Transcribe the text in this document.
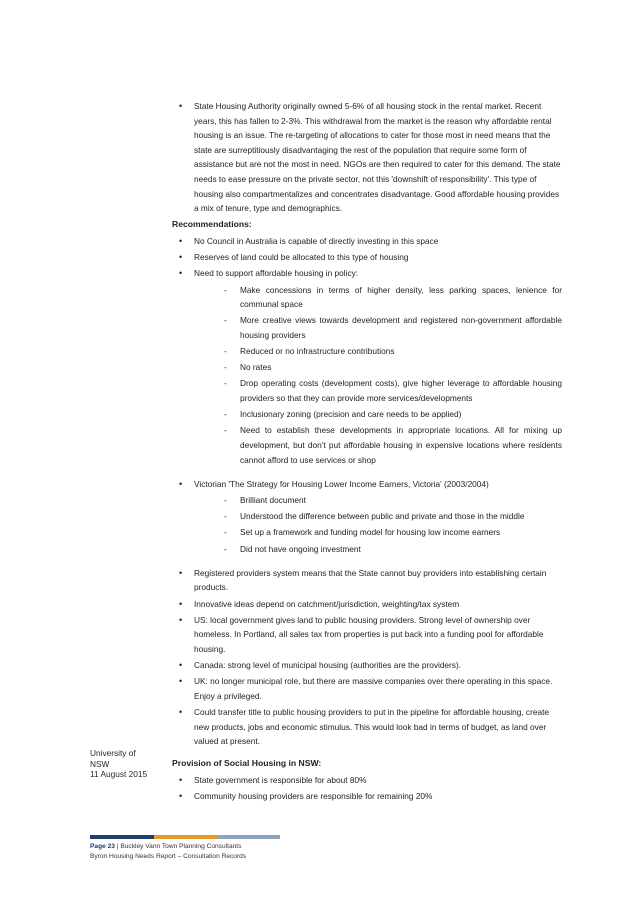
• State Housing Authority originally owned 5-6% of all housing stock in the rental market. Recent years, this has fallen to 2-3%. This withdrawal from the market is the reason why affordable rental housing is an issue. The re-targeting of allocations to cater for those most in need means that the state are surreptitiously disadvantaging the rest of the population that require some form of assistance but are not the most in need. NGOs are then required to cater for this demand. The state needs to ease pressure on the private sector, not this 'downshift of responsibility'. This type of housing also compartmentalizes and concentrates disadvantage. Good affordable housing provides a mix of tenure, type and demographics.
Recommendations:
• No Council in Australia is capable of directly investing in this space
• Reserves of land could be allocated to this type of housing
• Need to support affordable housing in policy:
- Make concessions in terms of higher density, less parking spaces, lenience for communal space
- More creative views towards development and registered non-government affordable housing providers
- Reduced or no infrastructure contributions
- No rates
- Drop operating costs (development costs), give higher leverage to affordable housing providers so that they can provide more services/developments
- Inclusionary zoning (precision and care needs to be applied)
- Need to establish these developments in appropriate locations. All for mixing up development, but don't put affordable housing in expensive locations where residents cannot afford to use services or shop
• Victorian 'The Strategy for Housing Lower Income Earners, Victoria' (2003/2004)
- Brilliant document
- Understood the difference between public and private and those in the middle
- Set up a framework and funding model for housing low income earners
- Did not have ongoing investment
• Registered providers system means that the State cannot buy providers into establishing certain products.
• Innovative ideas depend on catchment/jurisdiction, weighting/tax system
• US: local government gives land to public housing providers. Strong level of ownership over homeless. In Portland, all sales tax from properties is put back into a funding pool for affordable housing.
• Canada: strong level of municipal housing (authorities are the providers).
• UK: no longer municipal role, but there are massive companies over there operating in this space. Enjoy a privileged.
• Could transfer title to public housing providers to put in the pipeline for affordable housing, create new products, jobs and economic stimulus. This would look bad in terms of budget, as land over valued at present.
Provision of Social Housing in NSW:
• State government is responsible for about 80%
• Community housing providers are responsible for remaining 20%
University of
NSW
11 August 2015
Page 23 | Buckley Vann Town Planning Consultants
Byron Housing Needs Report – Consultation Records
